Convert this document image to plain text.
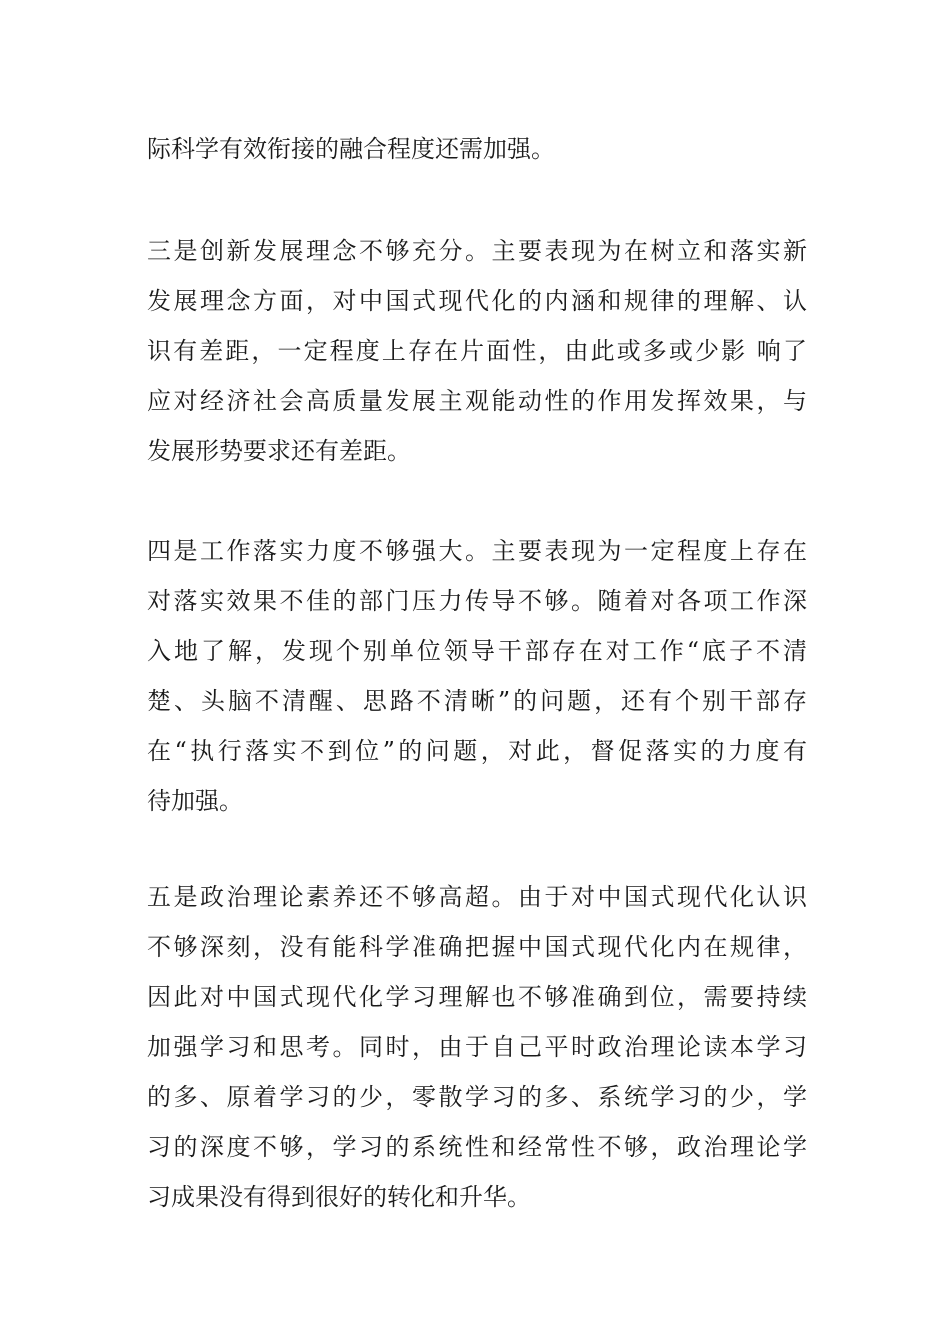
际科学有效衔接的融合程度还需加强。

三是创新发展理念不够充分。主要表现为在树立和落实新

发展理念方面，对中国式现代化的内涵和规律的理解、认

识有差距，一定程度上存在片面性，由此或多或少影 响了

应对经济社会高质量发展主观能动性的作用发挥效果，与

发展形势要求还有差距。

四是工作落实力度不够强大。主要表现为一定程度上存在

对落实效果不佳的部门压力传导不够。随着对各项工作深

入地了解，发现个别单位领导干部存在对工作“底子不清

楚、头脑不清醒、思路不清晰”的问题，还有个别干部存

在“执行落实不到位”的问题，对此，督促落实的力度有

待加强。

五是政治理论素养还不够高超。由于对中国式现代化认识

不够深刻，没有能科学准确把握中国式现代化内在规律，

因此对中国式现代化学习理解也不够准确到位，需要持续

加强学习和思考。同时，由于自己平时政治理论读本学习

的多、原着学习的少，零散学习的多、系统学习的少，学

习的深度不够，学习的系统性和经常性不够，政治理论学

习成果没有得到很好的转化和升华。
